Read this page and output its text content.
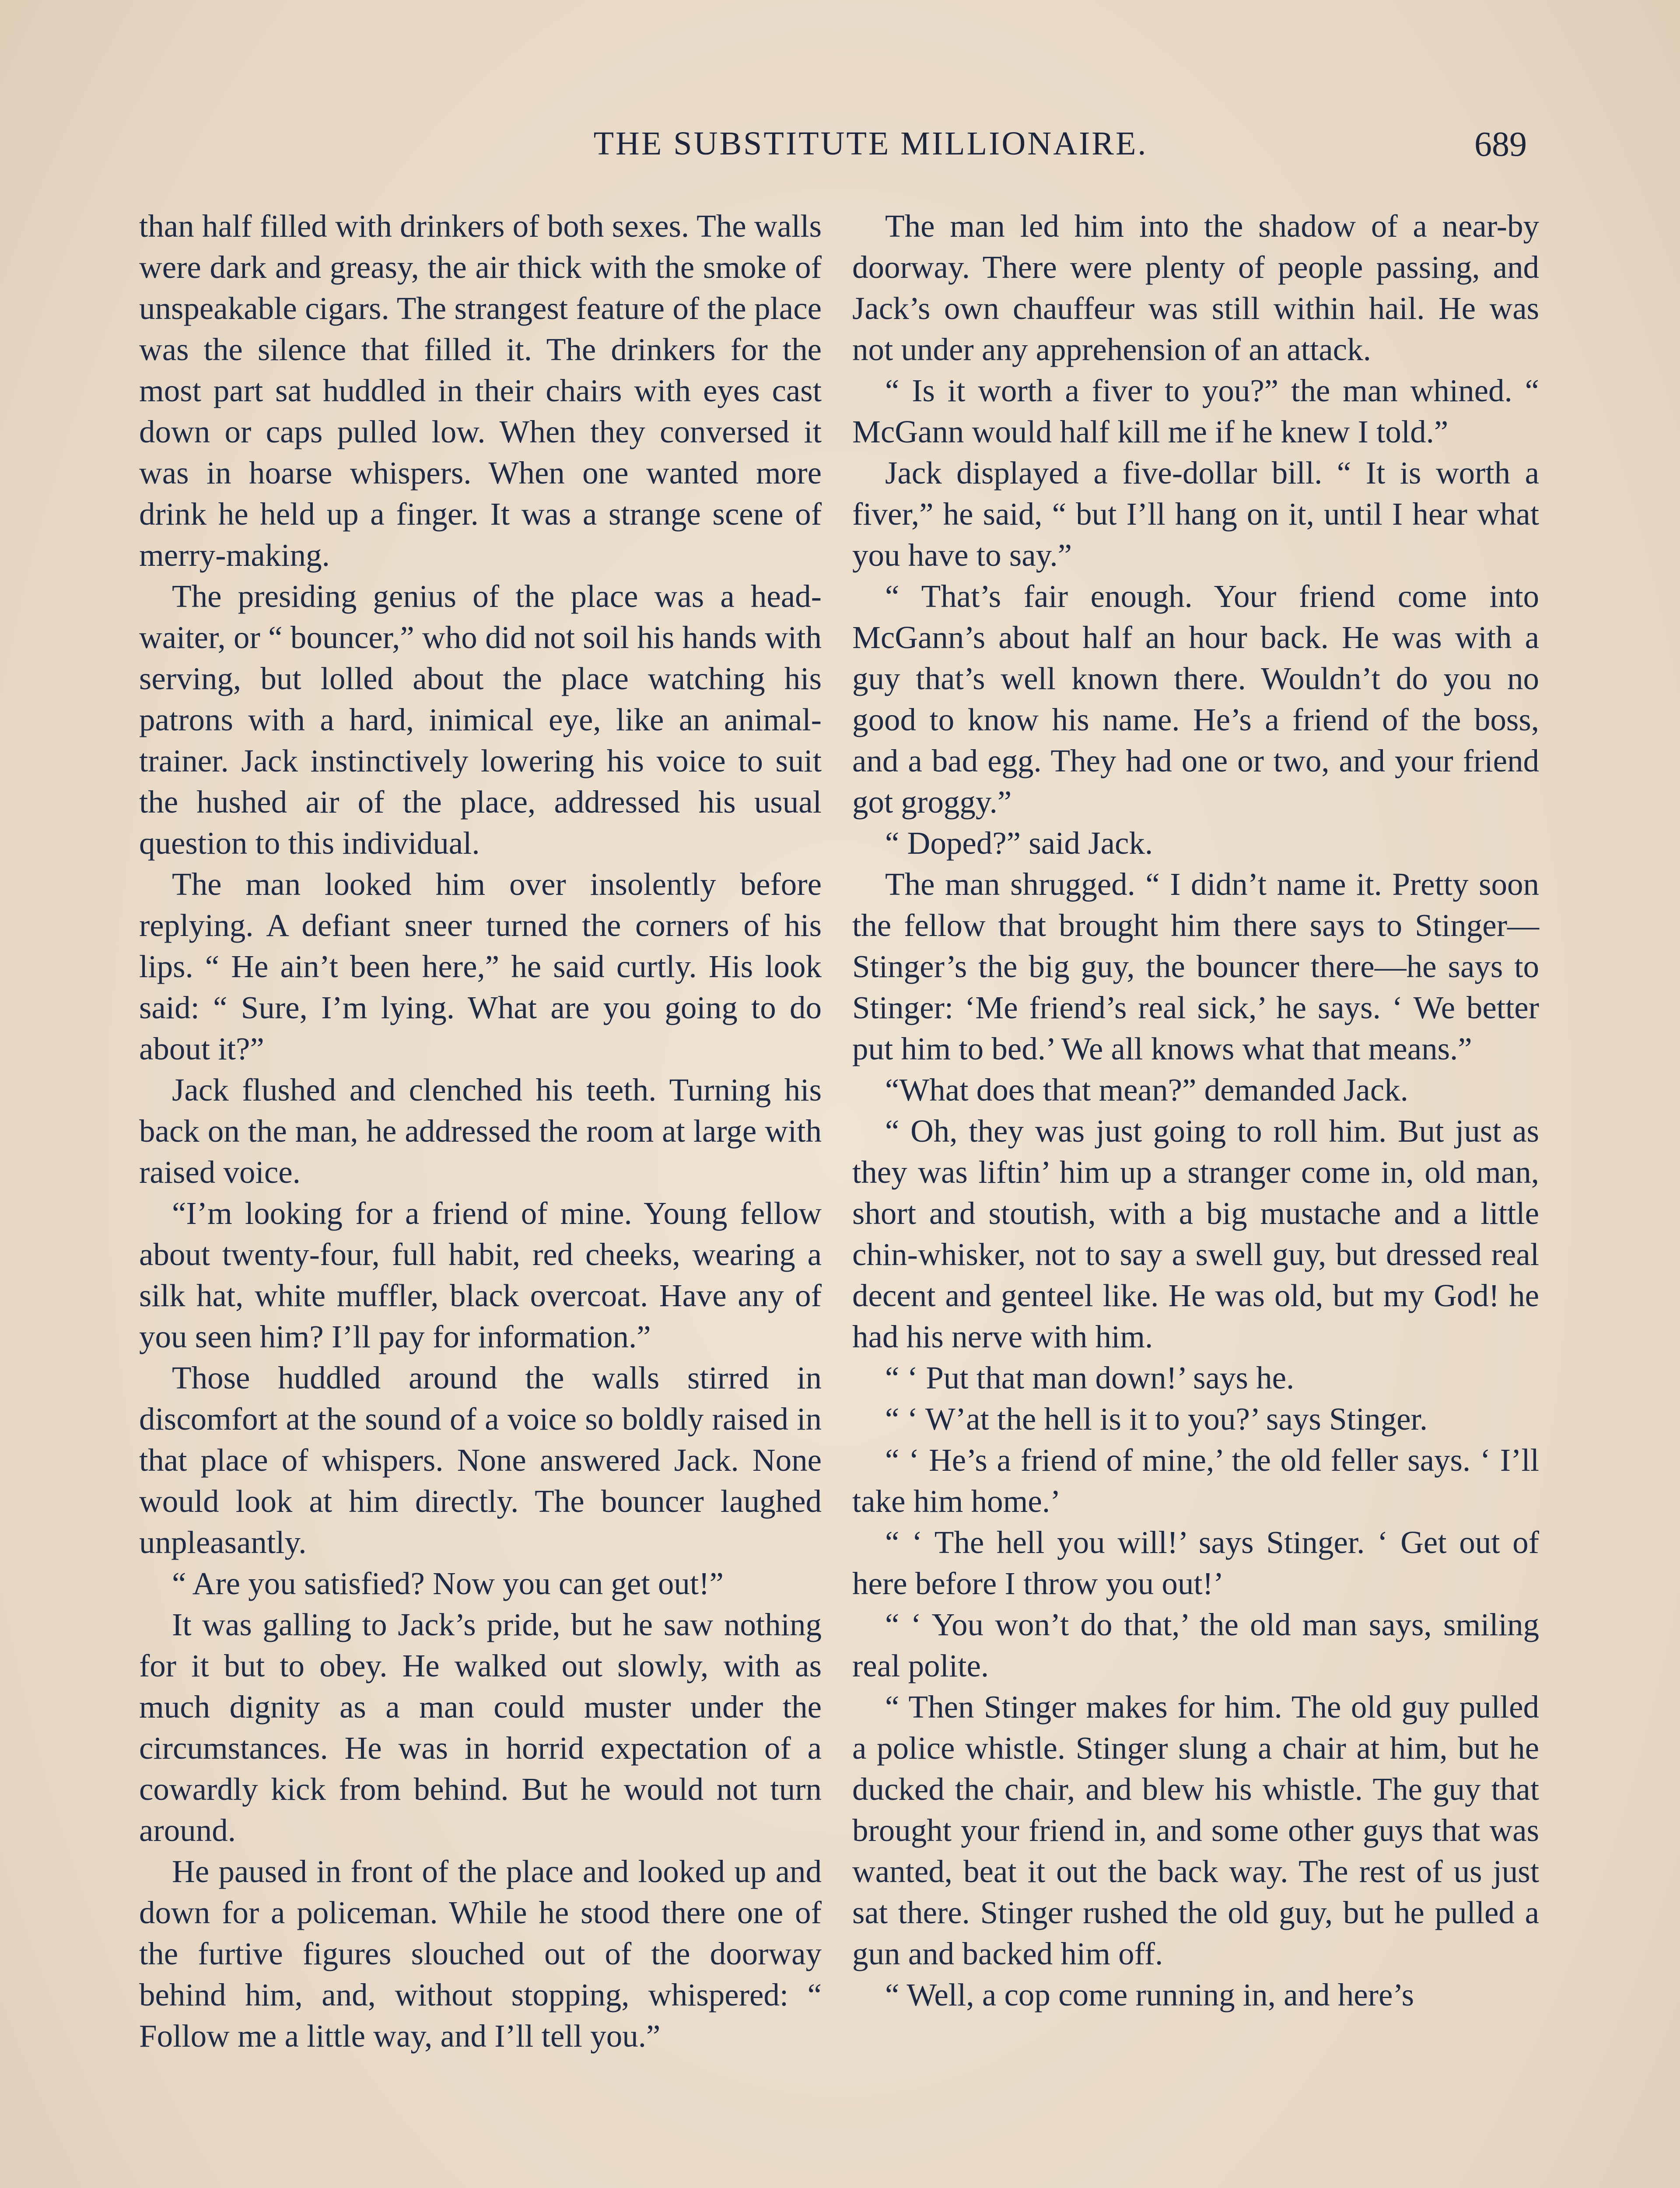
THE SUBSTITUTE MILLIONAIRE.	689

than half filled with drinkers of both sexes. The walls were dark and greasy, the air thick with the smoke of unspeakable cigars. The strangest feature of the place was the silence that filled it. The drinkers for the most part sat huddled in their chairs with eyes cast down or caps pulled low. When they conversed it was in hoarse whispers. When one wanted more drink he held up a finger. It was a strange scene of merry-making.

The presiding genius of the place was a head-waiter, or “ bouncer,” who did not soil his hands with serving, but lolled about the place watching his patrons with a hard, inimical eye, like an animal-trainer. Jack instinctively lowering his voice to suit the hushed air of the place, addressed his usual question to this individual.

The man looked him over insolently before replying. A defiant sneer turned the corners of his lips. “ He ain’t been here,” he said curtly. His look said: “ Sure, I’m lying. What are you going to do about it?”

Jack flushed and clenched his teeth. Turning his back on the man, he addressed the room at large with raised voice.

“I’m looking for a friend of mine. Young fellow about twenty-four, full habit, red cheeks, wearing a silk hat, white muffler, black overcoat. Have any of you seen him? I’ll pay for information.”

Those huddled around the walls stirred in discomfort at the sound of a voice so boldly raised in that place of whispers. None answered Jack. None would look at him directly. The bouncer laughed unpleasantly.

“ Are you satisfied? Now you can get out!”

It was galling to Jack’s pride, but he saw nothing for it but to obey. He walked out slowly, with as much dignity as a man could muster under the circumstances. He was in horrid expectation of a cowardly kick from behind. But he would not turn around.

He paused in front of the place and looked up and down for a policeman. While he stood there one of the furtive figures slouched out of the doorway behind him, and, without stopping, whispered: “ Follow me a little way, and I’ll tell you.”

The man led him into the shadow of a near-by doorway. There were plenty of people passing, and Jack’s own chauffeur was still within hail. He was not under any apprehension of an attack.

“ Is it worth a fiver to you?” the man whined. “ McGann would half kill me if he knew I told.”

Jack displayed a five-dollar bill. “ It is worth a fiver,” he said, “ but I’ll hang on it, until I hear what you have to say.”

“ That’s fair enough. Your friend come into McGann’s about half an hour back. He was with a guy that’s well known there. Wouldn’t do you no good to know his name. He’s a friend of the boss, and a bad egg. They had one or two, and your friend got groggy.”

“ Doped?” said Jack.

The man shrugged. “ I didn’t name it. Pretty soon the fellow that brought him there says to Stinger—Stinger’s the big guy, the bouncer there—he says to Stinger: ‘Me friend’s real sick,’ he says. ‘ We better put him to bed.’ We all knows what that means.”

“What does that mean?” demanded Jack.

“ Oh, they was just going to roll him. But just as they was liftin’ him up a stranger come in, old man, short and stoutish, with a big mustache and a little chin-whisker, not to say a swell guy, but dressed real decent and genteel like. He was old, but my God! he had his nerve with him.

“ ‘ Put that man down!’ says he.

“ ‘ W’at the hell is it to you?’ says Stinger.

“ ‘ He’s a friend of mine,’ the old feller says. ‘ I’ll take him home.’

“ ‘ The hell you will!’ says Stinger. ‘ Get out of here before I throw you out!’

“ ‘ You won’t do that,’ the old man says, smiling real polite.

“ Then Stinger makes for him. The old guy pulled a police whistle. Stinger slung a chair at him, but he ducked the chair, and blew his whistle. The guy that brought your friend in, and some other guys that was wanted, beat it out the back way. The rest of us just sat there. Stinger rushed the old guy, but he pulled a gun and backed him off.

“ Well, a cop come running in, and here’s
